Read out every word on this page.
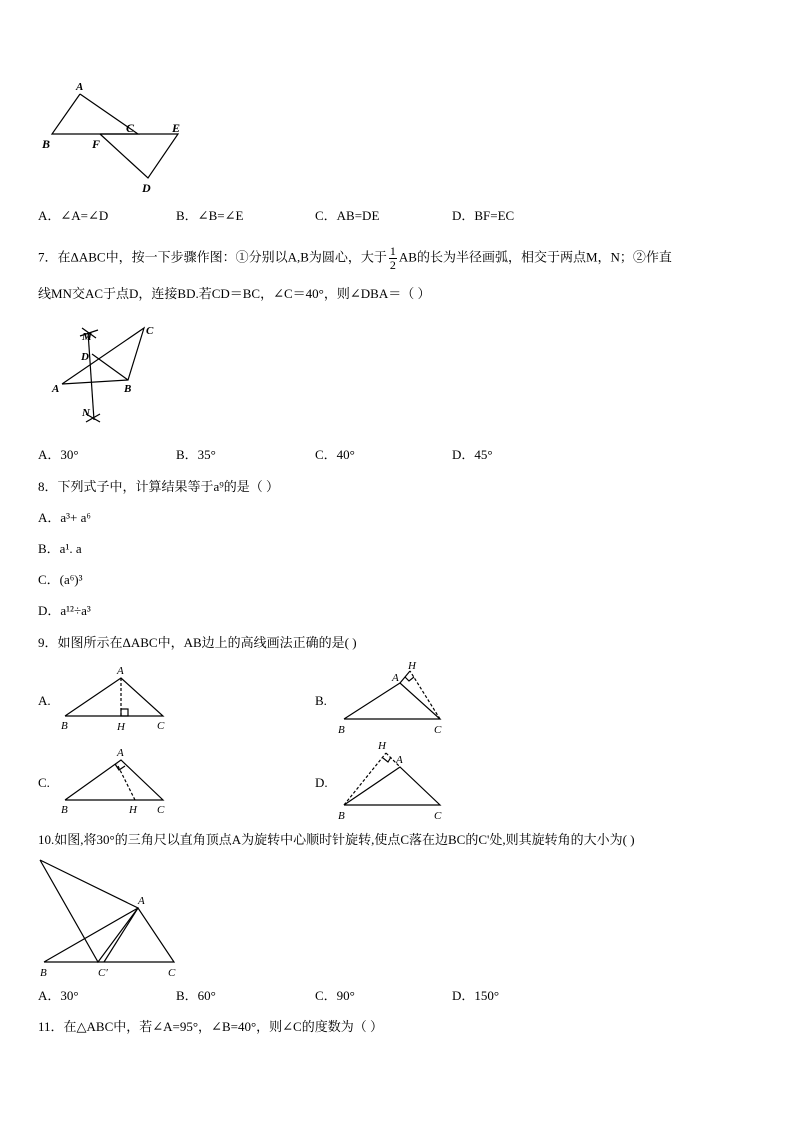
A
B	F
C	E
D
A．∠A=∠D	B．∠B=∠E	C．AB=DE	D．BF=EC
7．在ΔABC中，按一下步骤作图：①分别以A,B为圆心，大于 $\frac{1}{2}$ AB的长为半径画弧，相交于两点M，N；②作直
线MN交AC于点D，连接BD.若CD＝BC，∠C＝40°，则∠DBA＝（ ）
M
D
A	B
C
N
A．30°	B．35°	C．40°	D．45°
8．下列式子中，计算结果等于a⁹的是（ ）
A．a³+ a⁶
B．a¹. a
C．(a⁶)³
D．a¹²÷a³
9．如图所示在ΔABC中，AB边上的高线画法正确的是( )
A.
A
B	H	C
B.
A
H
B	C
C.
A
B	H C
D.
H
A
B	C
10.如图,将30°的三角尺以直角顶点A为旋转中心顺时针旋转,使点C落在边BC的C'处,则其旋转角的大小为( )
A
B	C′	C
A．30°	B．60°	C．90°	D．150°
11．在△ABC中，若∠A=95°，∠B=40°，则∠C的度数为（ ）
